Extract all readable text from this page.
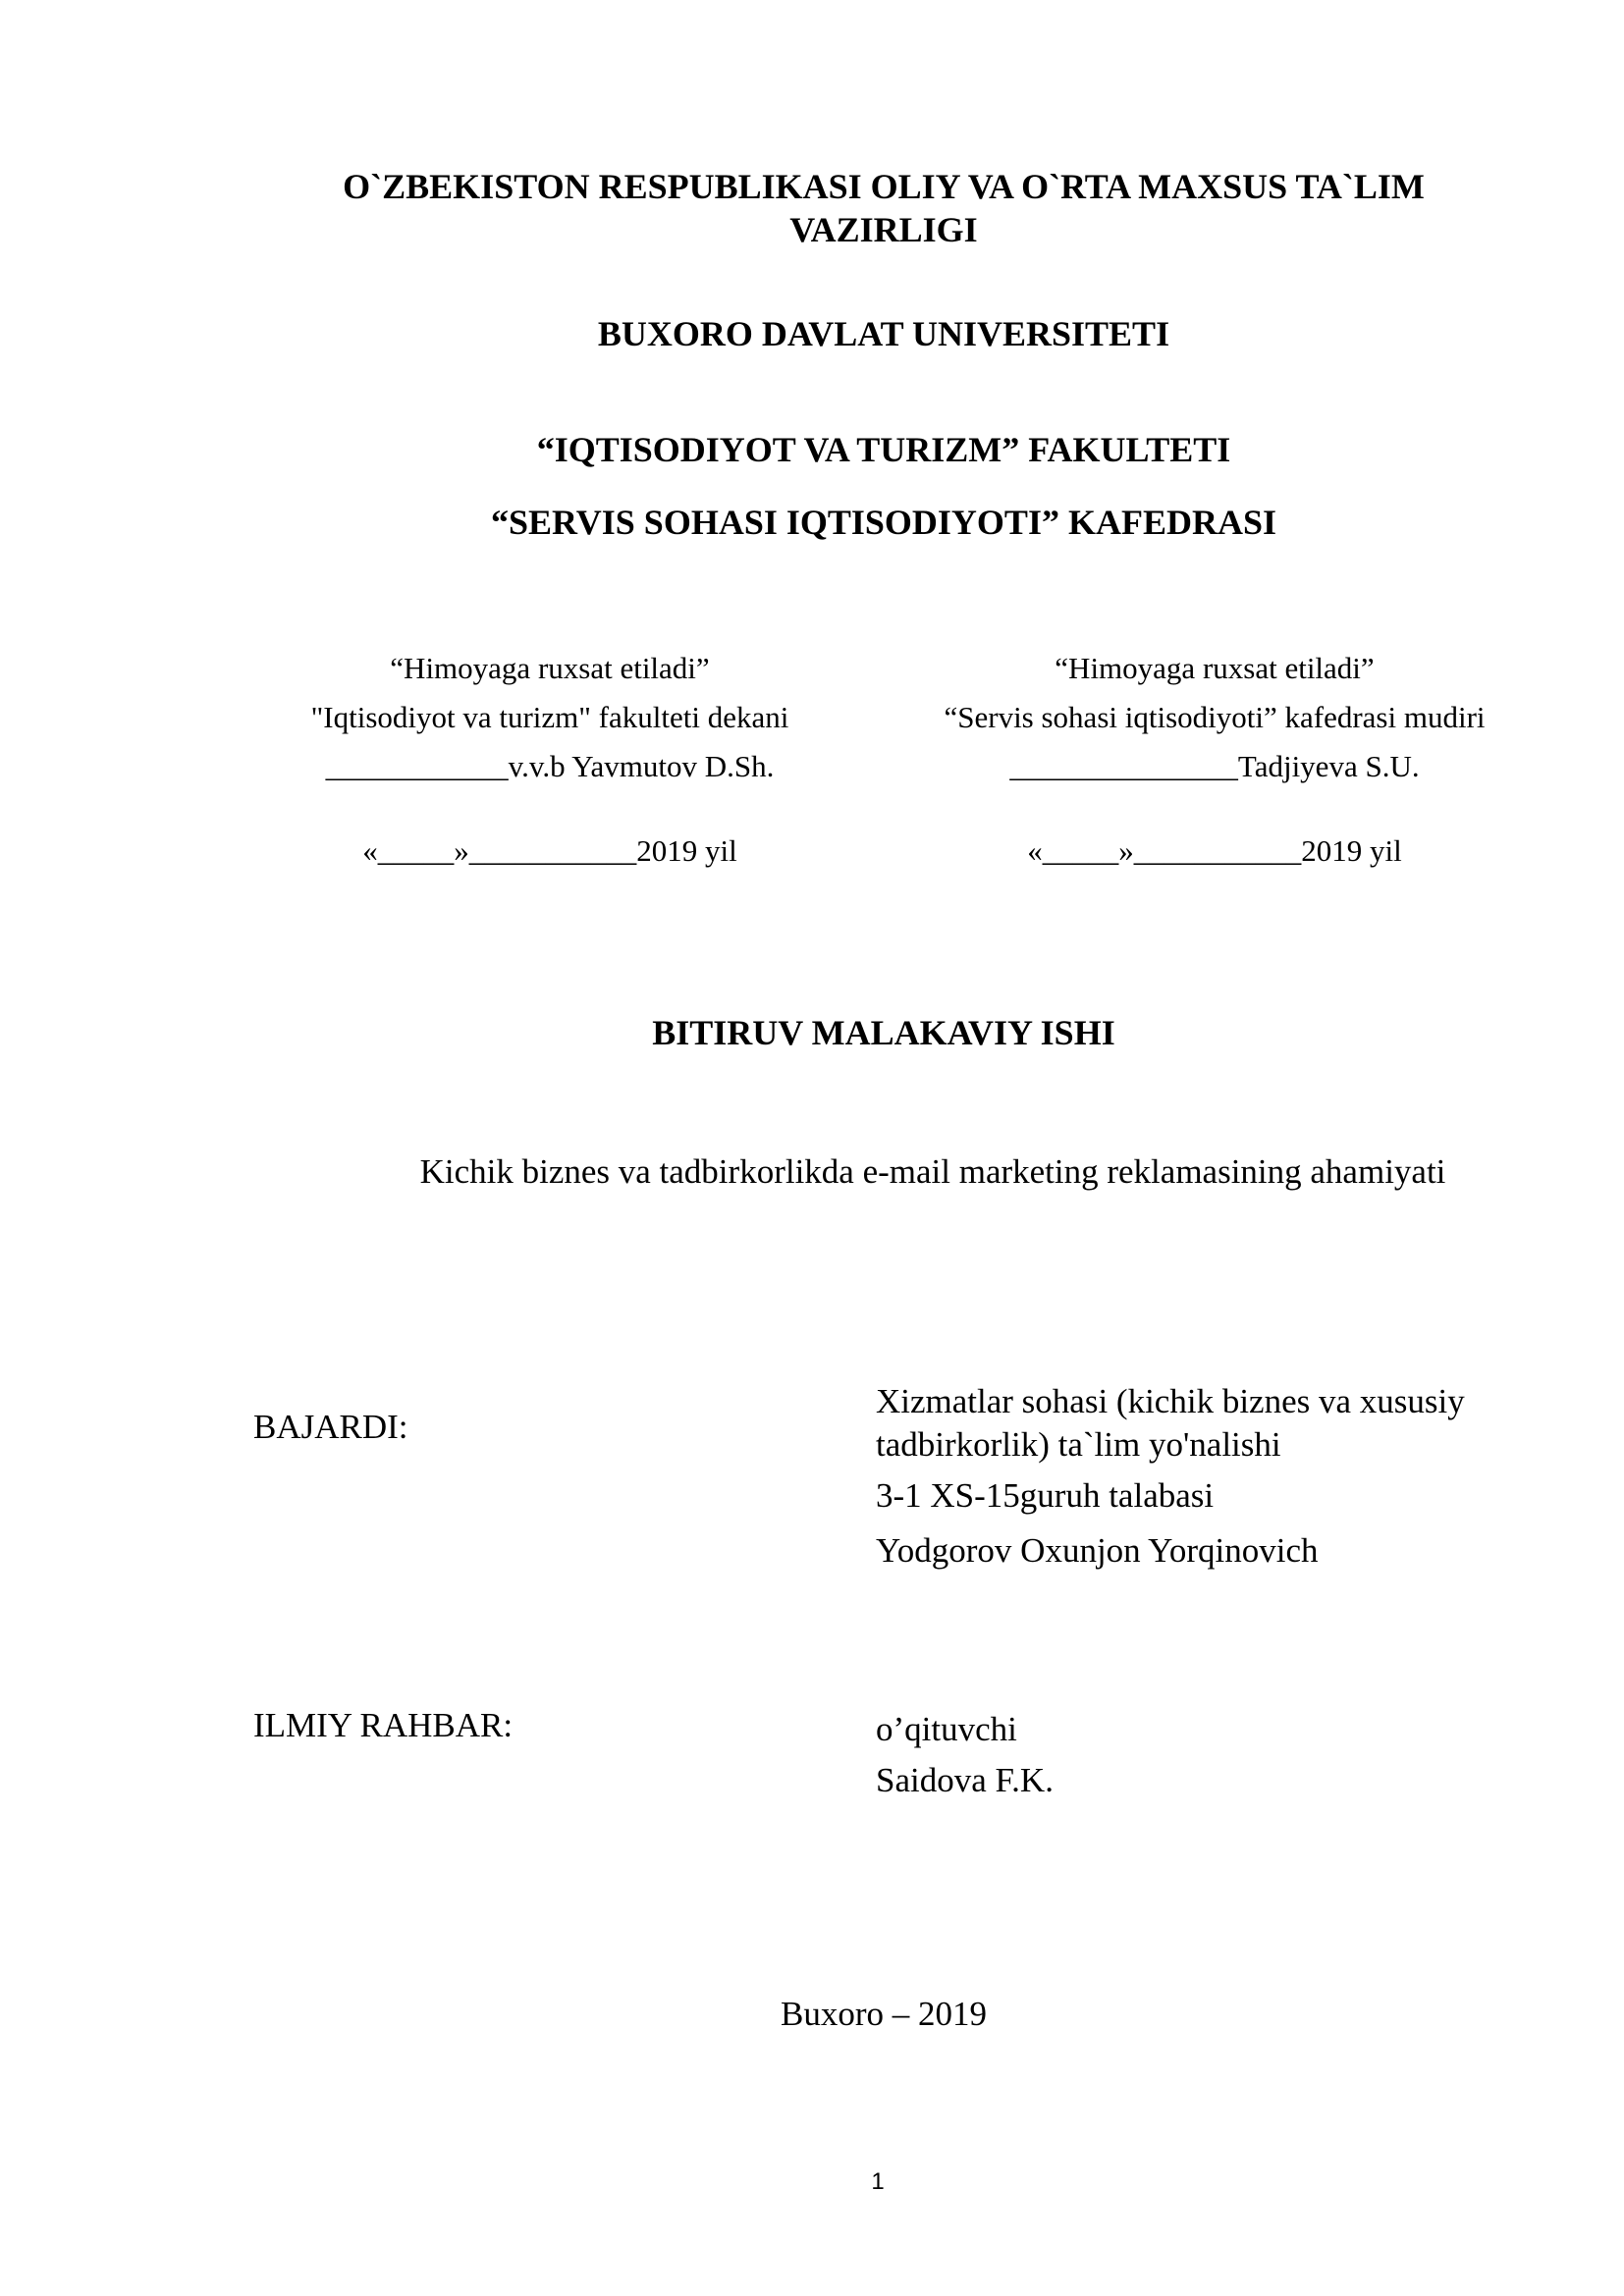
O`ZBEKISTON RESPUBLIKASI OLIY VA O`RTA MAXSUS TA`LIM

VAZIRLIGI

BUXORO DAVLAT UNIVERSITETI

“IQTISODIYOT VA TURIZM” FAKULTETI

“SERVIS SOHASI IQTISODIYOTI” KAFEDRASI

“Himoyaga ruxsat etiladi”
"Iqtisodiyot va turizm" fakulteti dekani
____________v.v.b Yavmutov D.Sh.
«_____»___________2019 yil
“Himoyaga ruxsat etiladi”
“Servis sohasi iqtisodiyoti” kafedrasi mudiri
_______________Tadjiyeva S.U.
«_____»___________2019 yil

BITIRUV MALAKAVIY ISHI

Kichik biznes va tadbirkorlikda e-mail marketing reklamasining ahamiyati
BAJARDI:
Xizmatlar sohasi (kichik biznes va xususiy
tadbirkorlik) ta`lim yo'nalishi
3-1 XS-15guruh talabasi
Yodgorov Oxunjon Yorqinovich
ILMIY RAHBAR:	o’qituvchi
Saidova F.K.
Buxoro – 2019
1
